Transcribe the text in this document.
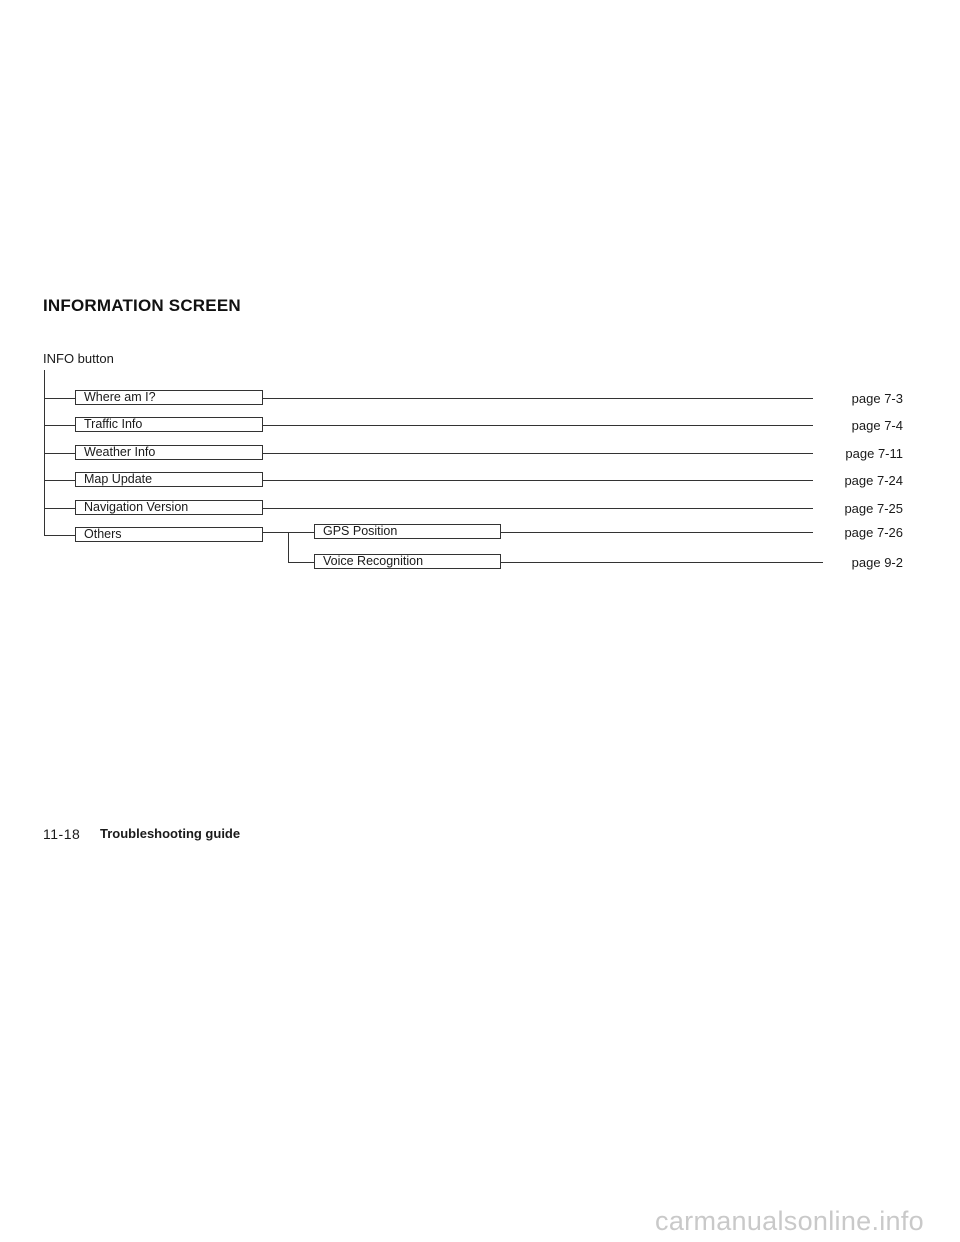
INFORMATION SCREEN
INFO button
Where am I?	page 7-3
Traffic Info	page 7-4
Weather Info	page 7-11
Map Update	page 7-24
Navigation Version	page 7-25
Others	GPS Position	page 7-26
Voice Recognition	page 9-2
11-18 Troubleshooting guide
carmanualsonline.info
